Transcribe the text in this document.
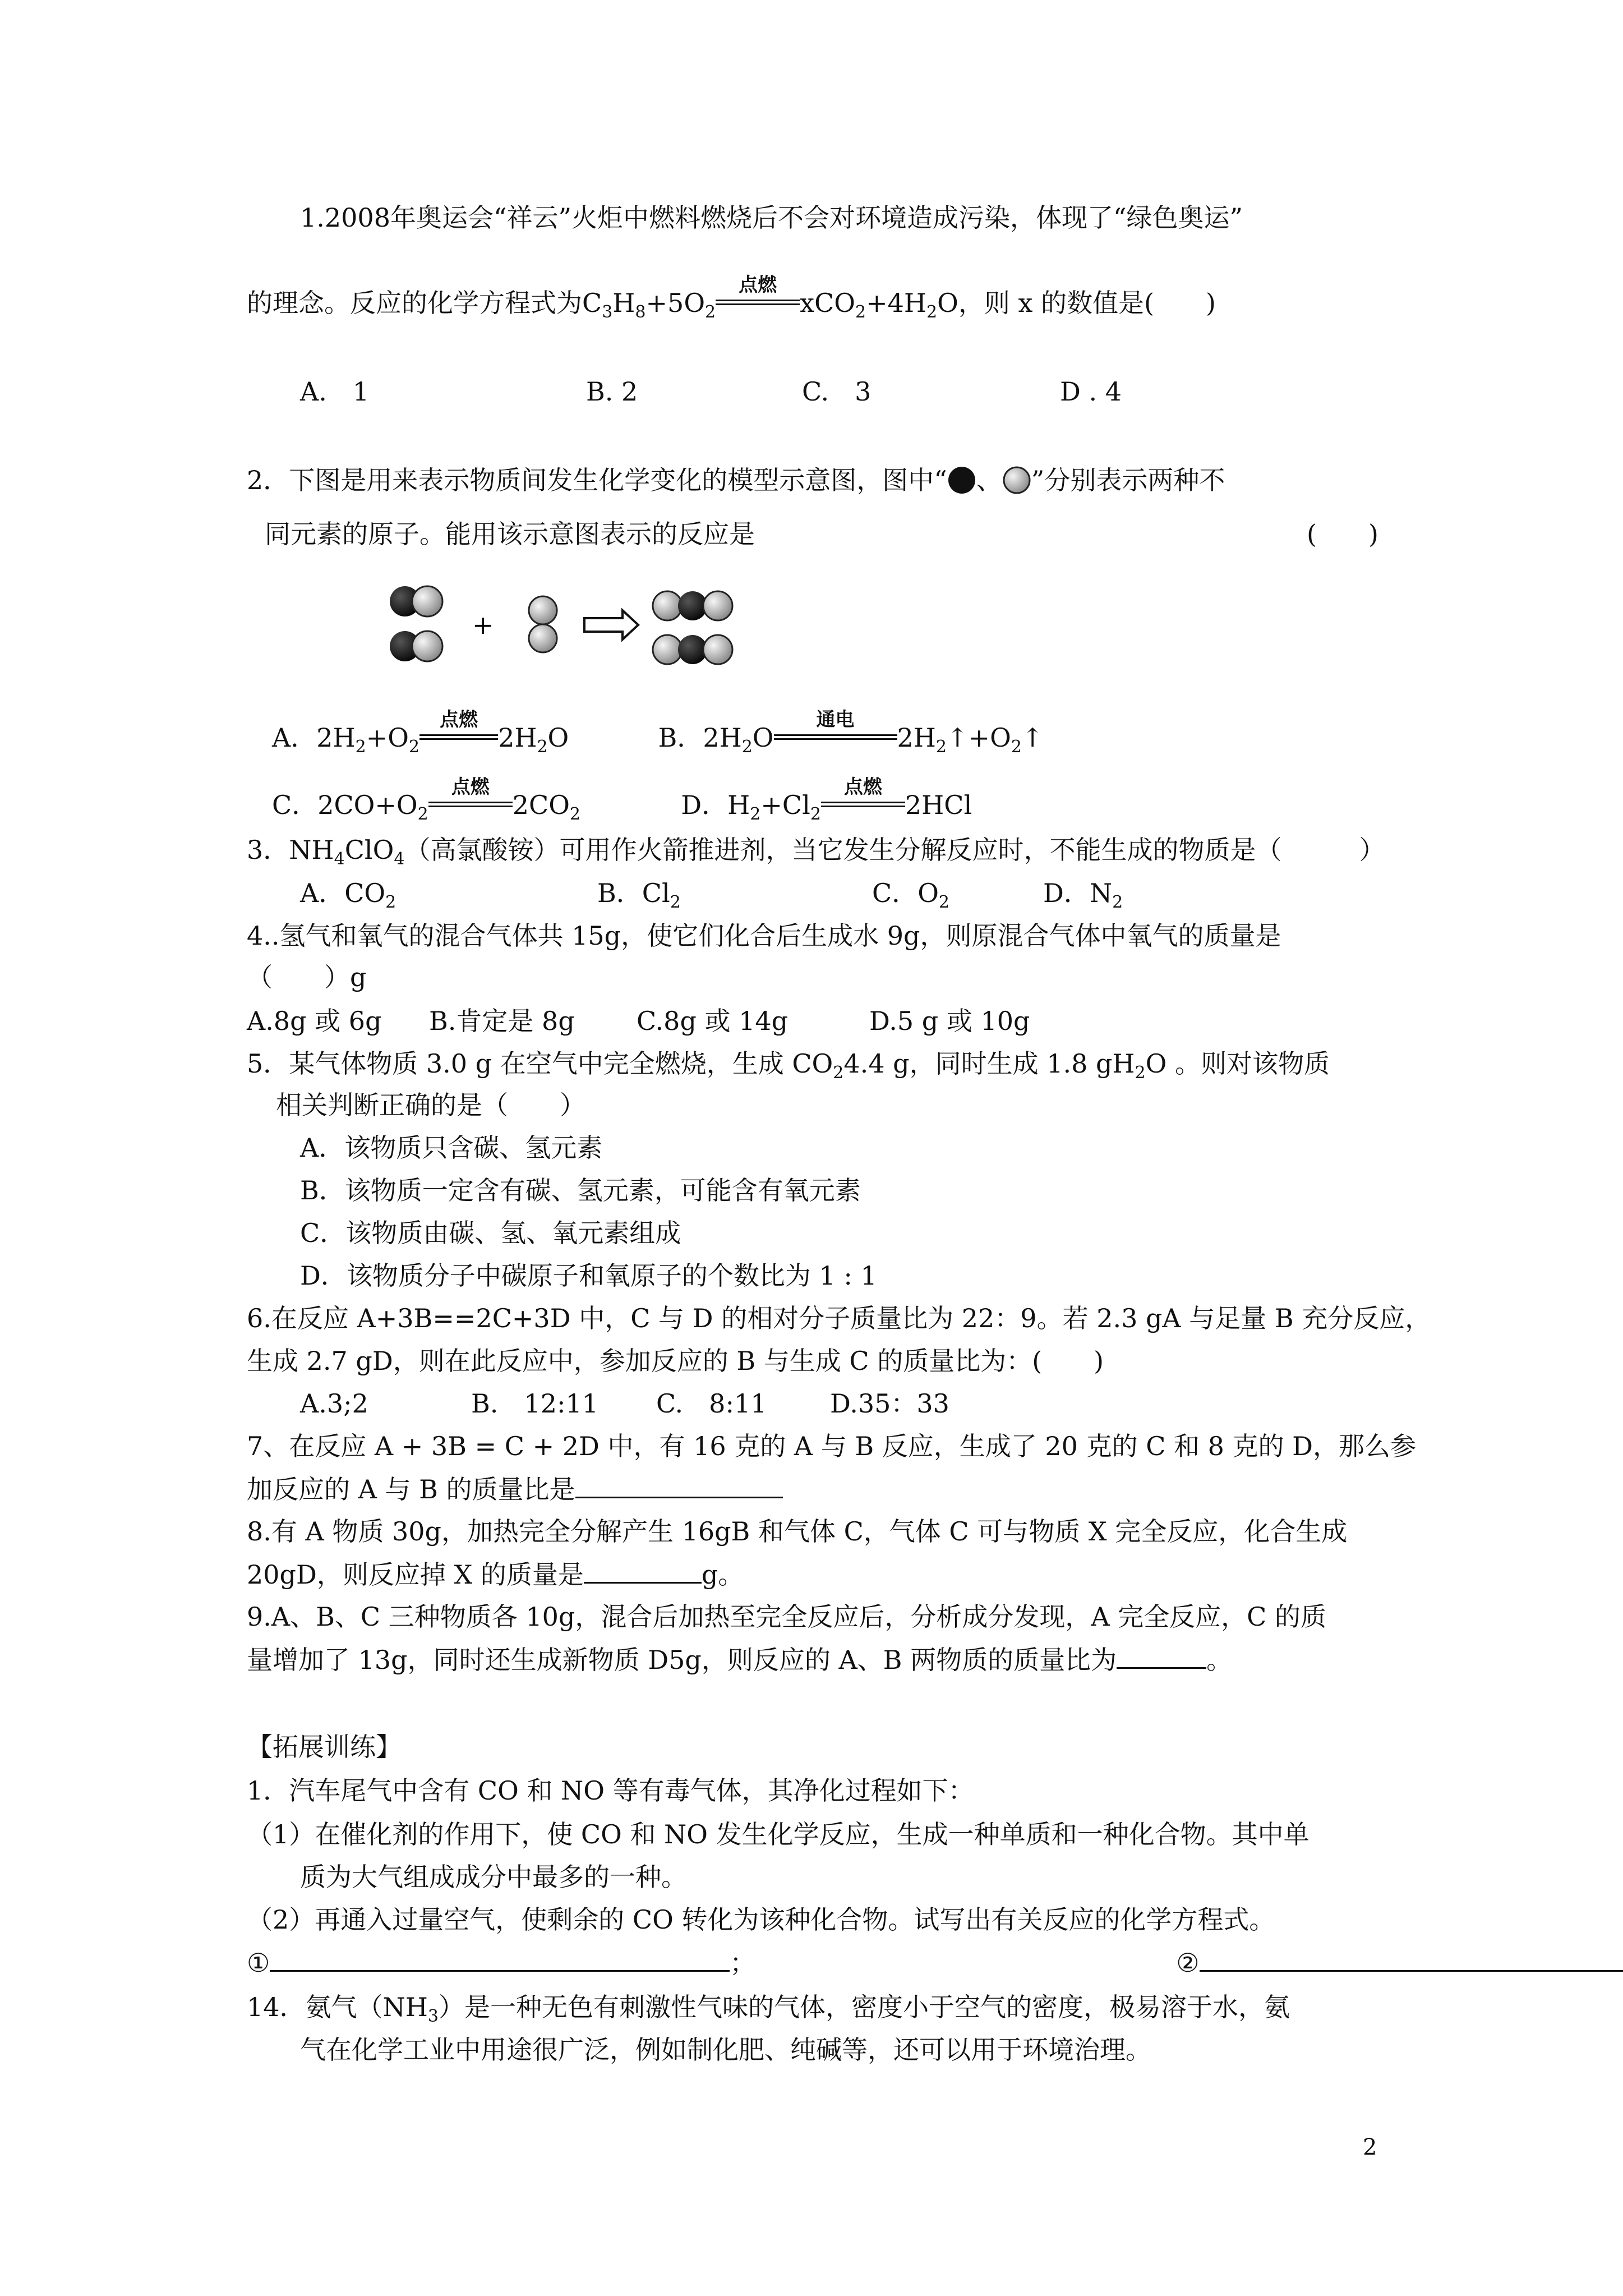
1.2008年奥运会“祥云”火炬中燃料燃烧后不会对环境造成污染，体现了“绿色奥运”
的理念。反应的化学方程式为$C_3H_8+5O_2$
点燃
$xCO_2+4H_2O$，则 x 的数值是(　　)
A.　1	B. 2	C.　3	D . 4
2．下图是用来表示物质间发生化学变化的模型示意图，图中“ 、 ”分别表示两种不
同元素的原子。能用该示意图表示的反应是	(　　)
+
A．$2H_2+O_2$
点燃
$2H_2O$	B．$2H_2O$
通电
$2H_2↑+O_2↑$
C．$2CO+O_2$
点燃
$2CO_2$	D．$H_2+Cl_2$
点燃
2HCl
3．$NH_4ClO_4$（高氯酸铵）可用作火箭推进剂，当它发生分解反应时，不能生成的物质是（　　　）
A．$CO_2$	B．$Cl_2$	C．$O_2$	D．$N_2$
4..氢气和氧气的混合气体共 15g，使它们化合后生成水 9g，则原混合气体中氧气的质量是
（　　）g
A.8g 或 6g B.肯定是 8g C.8g 或 14g	D.5 g 或 10g
5．某气体物质 3.0 g 在空气中完全燃烧，生成 $CO_24.4$ g，同时生成 1.8 $gH_2O$ 。则对该物质
相关判断正确的是（　　）
A．该物质只含碳、氢元素
B．该物质一定含有碳、氢元素，可能含有氧元素
C．该物质由碳、氢、氧元素组成
D．该物质分子中碳原子和氧原子的个数比为 1 : 1
6.在反应 A+3B==2C+3D 中，C 与 D 的相对分子质量比为 22：9。若 2.3 gA 与足量 B 充分反应，
生成 2.7 gD，则在此反应中，参加反应的 B 与生成 C 的质量比为：(　　)
A.3;2	B.　12:11 C.　8:11 D.35：33
7、在反应 A + 3B = C + 2D 中，有 16 克的 A 与 B 反应，生成了 20 克的 C 和 8 克的 D，那么参
加反应的 A 与 B 的质量比是
8.有 A 物质 30g，加热完全分解产生 16gB 和气体 C，气体 C 可与物质 X 完全反应，化合生成
20gD，则反应掉 X 的质量是	g。
9.A、B、C 三种物质各 10g，混合后加热至完全反应后，分析成分发现，A 完全反应，C 的质
量增加了 13g，同时还生成新物质 D5g，则反应的 A、B 两物质的质量比为	。
【拓展训练】
1．汽车尾气中含有 CO 和 NO 等有毒气体，其净化过程如下：
（1）在催化剂的作用下，使 CO 和 NO 发生化学反应，生成一种单质和一种化合物。其中单
质为大气组成成分中最多的一种。
（2）再通入过量空气，使剩余的 CO 转化为该种化合物。试写出有关反应的化学方程式。
①	；	②
14．氨气$(NH_3)$是一种无色有刺激性气味的气体，密度小于空气的密度，极易溶于水，氨
气在化学工业中用途很广泛，例如制化肥、纯碱等，还可以用于环境治理。
2
